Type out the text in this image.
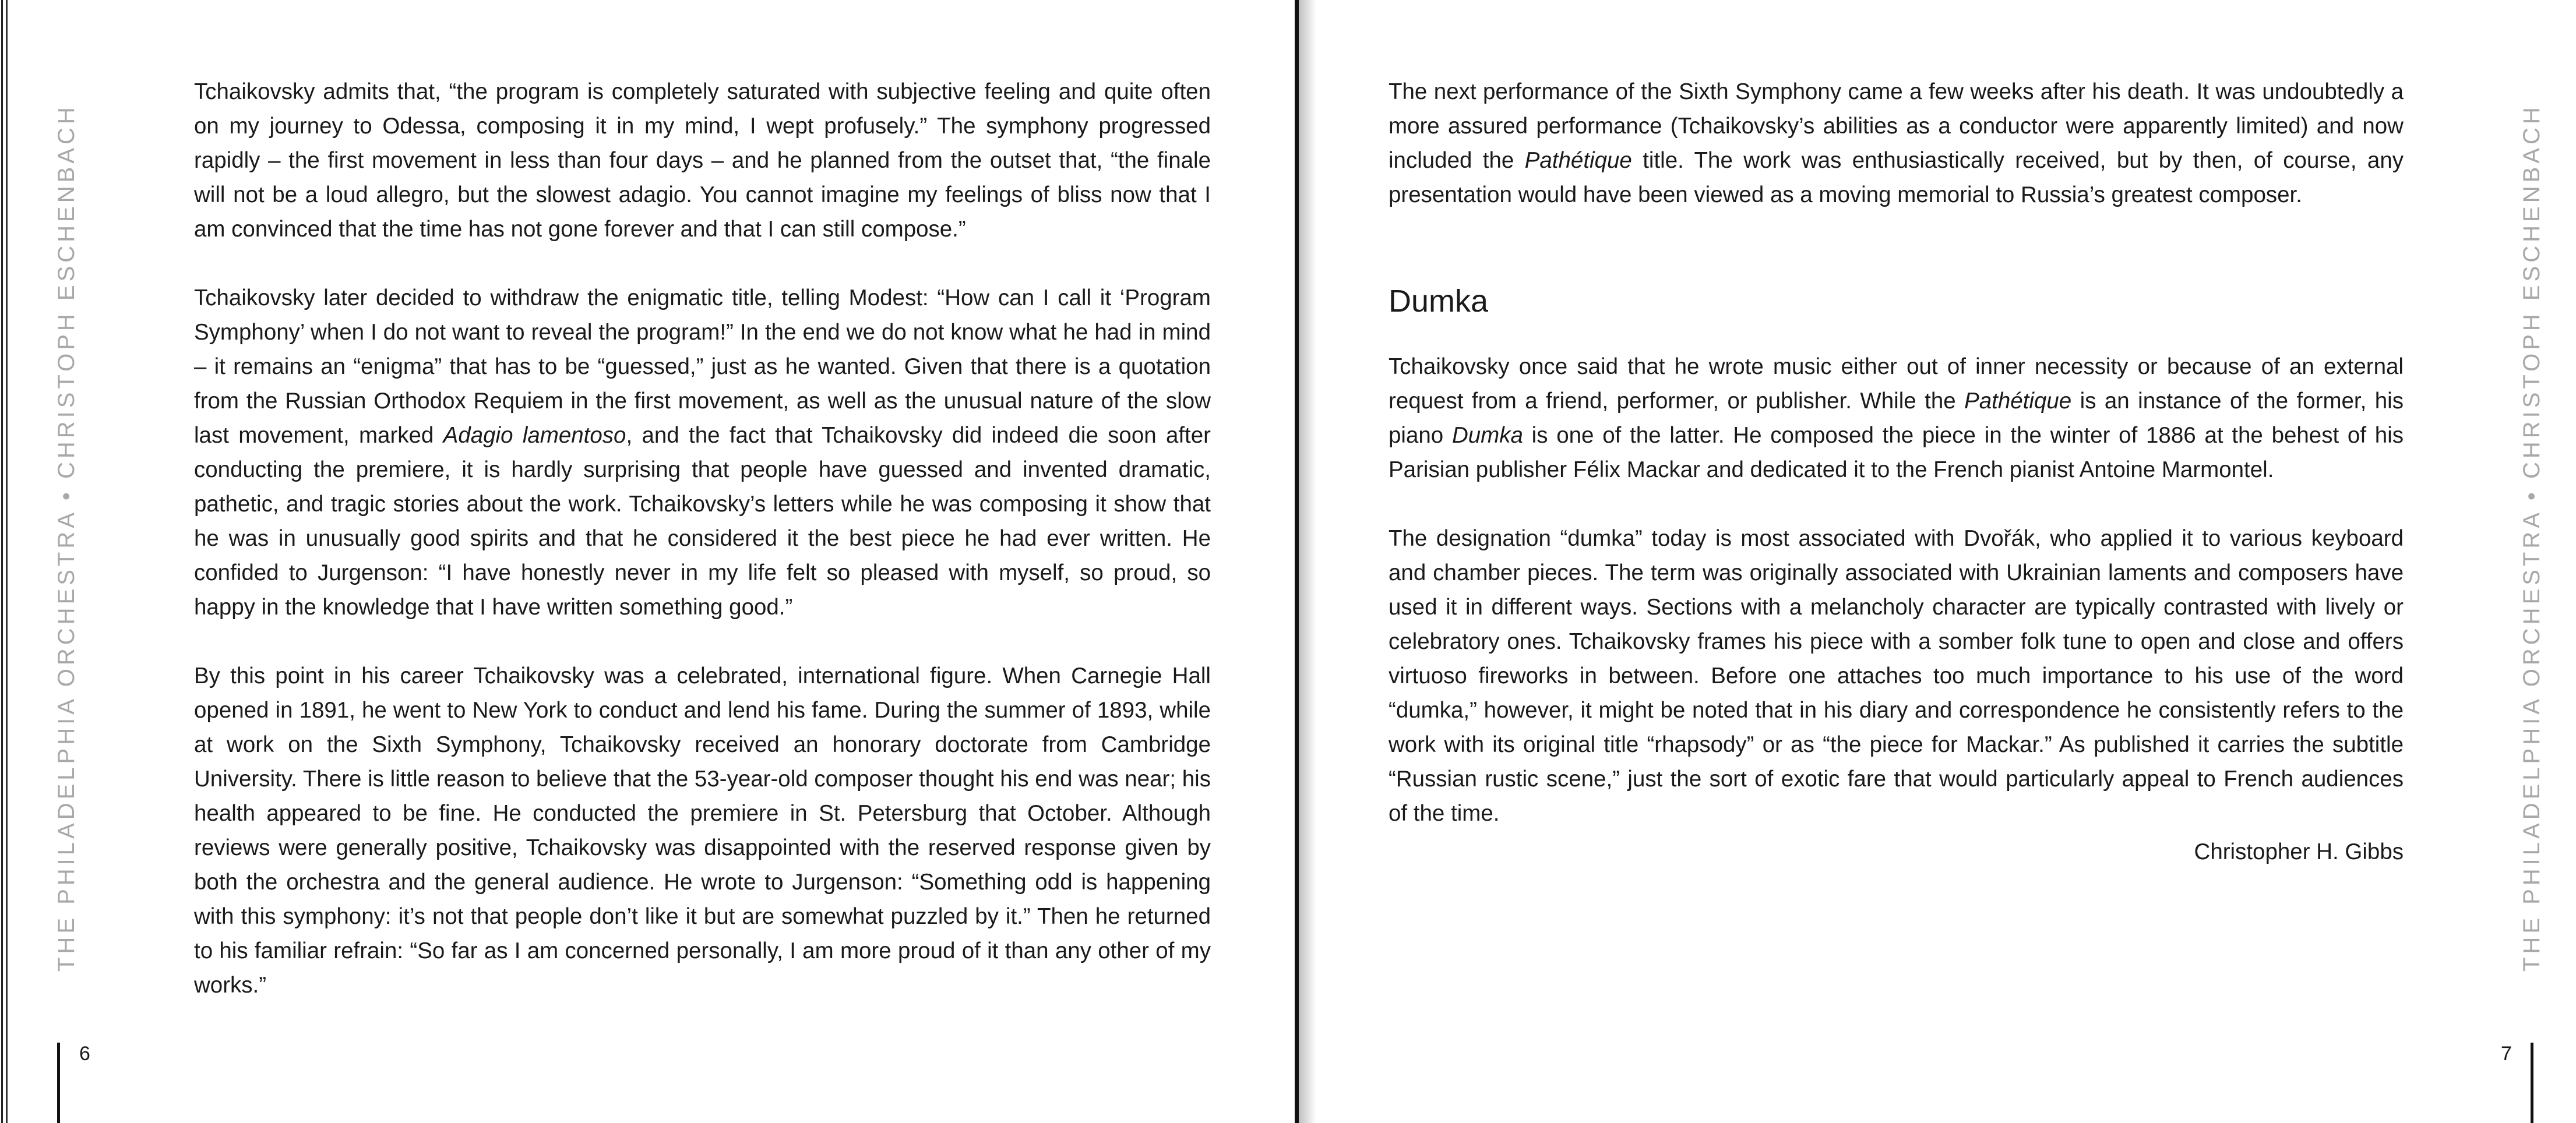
THE PHILADELPHIA ORCHESTRA • CHRISTOPH ESCHENBACH

Tchaikovsky admits that, “the program is completely saturated with subjective feeling and quite often on my journey to Odessa, composing it in my mind, I wept profusely.” The symphony progressed rapidly – the first movement in less than four days – and he planned from the outset that, “the finale will not be a loud allegro, but the slowest adagio. You cannot imagine my feelings of bliss now that I am convinced that the time has not gone forever and that I can still compose.”

Tchaikovsky later decided to withdraw the enigmatic title, telling Modest: “How can I call it ‘Program Symphony’ when I do not want to reveal the program!” In the end we do not know what he had in mind – it remains an “enigma” that has to be “guessed,” just as he wanted. Given that there is a quotation from the Russian Orthodox Requiem in the first movement, as well as the unusual nature of the slow last movement, marked Adagio lamentoso, and the fact that Tchaikovsky did indeed die soon after conducting the premiere, it is hardly surprising that people have guessed and invented dramatic, pathetic, and tragic stories about the work. Tchaikovsky’s letters while he was composing it show that he was in unusually good spirits and that he considered it the best piece he had ever written. He confided to Jurgenson: “I have honestly never in my life felt so pleased with myself, so proud, so happy in the knowledge that I have written something good.”

By this point in his career Tchaikovsky was a celebrated, international figure. When Carnegie Hall opened in 1891, he went to New York to conduct and lend his fame. During the summer of 1893, while at work on the Sixth Symphony, Tchaikovsky received an honorary doctorate from Cambridge University. There is little reason to believe that the 53-year-old composer thought his end was near; his health appeared to be fine. He conducted the premiere in St. Petersburg that October. Although reviews were generally positive, Tchaikovsky was disappointed with the reserved response given by both the orchestra and the general audience. He wrote to Jurgenson: “Something odd is happening with this symphony: it’s not that people don’t like it but are somewhat puzzled by it.” Then he returned to his familiar refrain: “So far as I am concerned personally, I am more proud of it than any other of my works.”

6

The next performance of the Sixth Symphony came a few weeks after his death. It was undoubtedly a more assured performance (Tchaikovsky’s abilities as a conductor were apparently limited) and now included the Pathétique title. The work was enthusiastically received, but by then, of course, any presentation would have been viewed as a moving memorial to Russia’s greatest composer.

Dumka

Tchaikovsky once said that he wrote music either out of inner necessity or because of an external request from a friend, performer, or publisher. While the Pathétique is an instance of the former, his piano Dumka is one of the latter. He composed the piece in the winter of 1886 at the behest of his Parisian publisher Félix Mackar and dedicated it to the French pianist Antoine Marmontel.

The designation “dumka” today is most associated with Dvořák, who applied it to various keyboard and chamber pieces. The term was originally associated with Ukrainian laments and composers have used it in different ways. Sections with a melancholy character are typically contrasted with lively or celebratory ones. Tchaikovsky frames his piece with a somber folk tune to open and close and offers virtuoso fireworks in between. Before one attaches too much importance to his use of the word “dumka,” however, it might be noted that in his diary and correspondence he consistently refers to the work with its original title “rhapsody” or as “the piece for Mackar.” As published it carries the subtitle “Russian rustic scene,” just the sort of exotic fare that would particularly appeal to French audiences of the time.

Christopher H. Gibbs	THE PHILADELPHIA ORCHESTRA • CHRISTOPH ESCHENBACH
7
